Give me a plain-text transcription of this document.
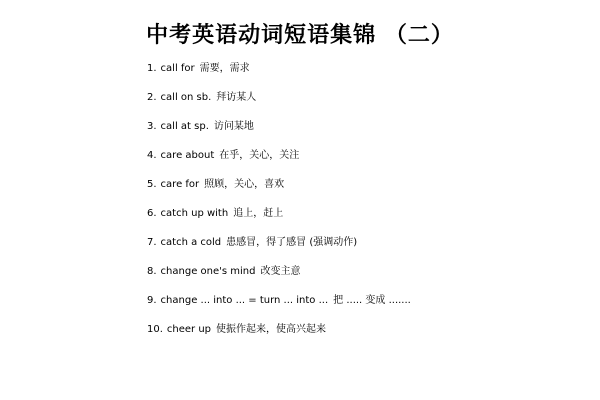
中考英语动词短语集锦 （二）
1. call for 需要，需求
2. call on sb. 拜访某人
3. call at sp. 访问某地
4. care about 在乎，关心，关注
5. care for 照顾，关心，喜欢
6. catch up with 追上，赶上
7. catch a cold 患感冒，得了感冒 (强调动作)
8. change one's mind 改变主意
9. change ... into ... = turn ... into ... 把 ..... 变成 .......
10. cheer up 使振作起来，使高兴起来
